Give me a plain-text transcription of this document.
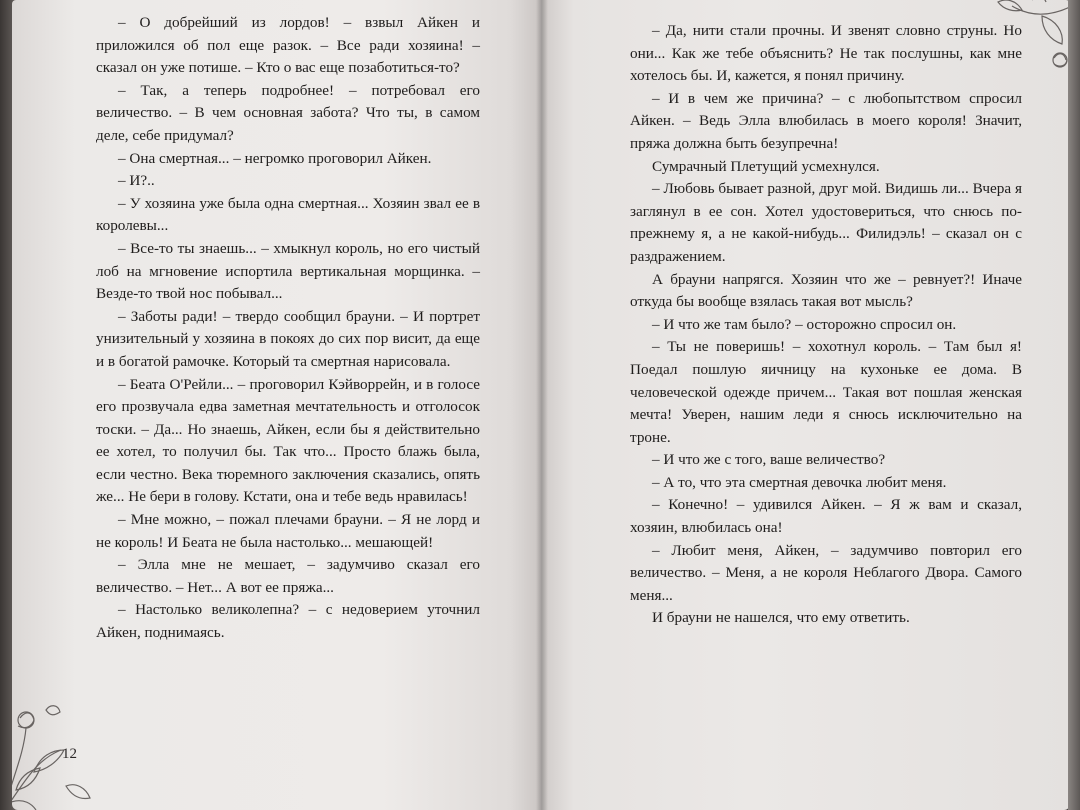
– О добрейший из лордов! – взвыл Айкен и приложился об пол еще разок. – Все ради хозяина! – сказал он уже потише. – Кто о вас еще позаботиться-то?

– Так, а теперь подробнее! – потребовал его величество. – В чем основная забота? Что ты, в самом деле, себе придумал?

– Она смертная... – негромко проговорил Айкен.

– И?..

– У хозяина уже была одна смертная... Хозяин звал ее в королевы...

– Все-то ты знаешь... – хмыкнул король, но его чистый лоб на мгновение испортила вертикальная морщинка. – Везде-то твой нос побывал...

– Заботы ради! – твердо сообщил брауни. – И портрет унизительный у хозяина в покоях до сих пор висит, да еще и в богатой рамочке. Который та смертная нарисовала.

– Беата О'Рейли... – проговорил Кэйворрейн, и в голосе его прозвучала едва заметная мечтательность и отголосок тоски. – Да... Но знаешь, Айкен, если бы я действительно ее хотел, то получил бы. Так что... Просто блажь была, если честно. Века тюремного заключения сказались, опять же... Не бери в голову. Кстати, она и тебе ведь нравилась!

– Мне можно, – пожал плечами брауни. – Я не лорд и не король! И Беата не была настолько... мешающей!

– Элла мне не мешает, – задумчиво сказал его величество. – Нет... А вот ее пряжа...

– Настолько великолепна? – с недоверием уточнил Айкен, поднимаясь.

12

– Да, нити стали прочны. И звенят словно струны. Но они... Как же тебе объяснить? Не так послушны, как мне хотелось бы. И, кажется, я понял причину.

– И в чем же причина? – с любопытством спросил Айкен. – Ведь Элла влюбилась в моего короля! Значит, пряжа должна быть безупречна!

Сумрачный Плетущий усмехнулся.

– Любовь бывает разной, друг мой. Видишь ли... Вчера я заглянул в ее сон. Хотел удостовериться, что снюсь по-прежнему я, а не какой-нибудь... Филидэль! – сказал он с раздражением.

А брауни напрягся. Хозяин что же – ревнует?! Иначе откуда бы вообще взялась такая вот мысль?

– И что же там было? – осторожно спросил он.

– Ты не поверишь! – хохотнул король. – Там был я! Поедал пошлую яичницу на кухоньке ее дома. В человеческой одежде причем... Такая вот пошлая женская мечта! Уверен, нашим леди я снюсь исключительно на троне.

– И что же с того, ваше величество?

– А то, что эта смертная девочка любит меня.

– Конечно! – удивился Айкен. – Я ж вам и сказал, хозяин, влюбилась она!

– Любит меня, Айкен, – задумчиво повторил его величество. – Меня, а не короля Неблагого Двора. Самого меня...

И брауни не нашелся, что ему ответить.
